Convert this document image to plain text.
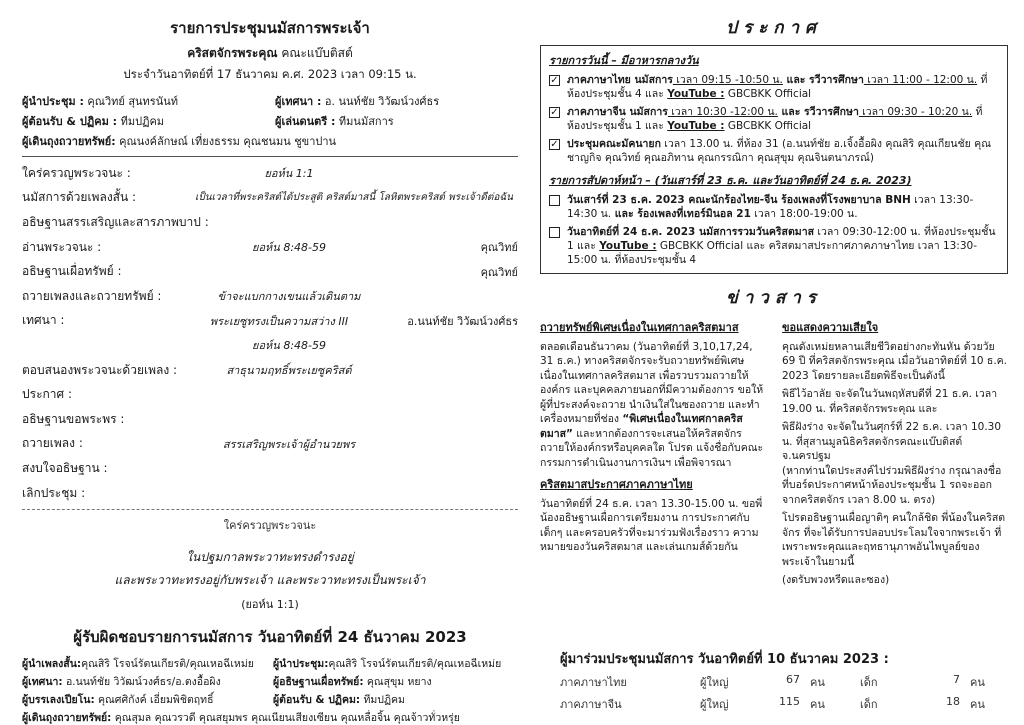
รายการประชุมนมัสการพระเจ้า
คริสตจักรพระคุณ คณะแบ๊บติสต์
ประจำวันอาทิตย์ที่ 17 ธันวาคม ค.ศ. 2023 เวลา 09:15 น.
ผู้นำประชุม : คุณวิทย์ สุนทรนันท์	ผู้เทศนา : อ. นนท์ชัย วิวัฒน์วงศ์ธร
ผู้ต้อนรับ & ปฏิคม : ทีมปฏิคม	ผู้เล่นดนตรี : ทีมนมัสการ
ผู้เดินถุงถวายทรัพย์: คุณนงค์ลักษณ์ เที่ยงธรรม คุณชนมน ชูขาปาน
ใคร่ครวญพระวจนะ :	ยอห์น 1:1
นมัสการด้วยเพลงสั้น :	เป็นเวลาที่พระคริสต์ได้ประสูติ คริสต์มาสนี้ โลหิตพระคริสต์ พระเจ้าดีต่อฉัน
อธิษฐานสรรเสริญและสารภาพบาป :
อ่านพระวจนะ :	ยอห์น 8:48-59	คุณวิทย์
อธิษฐานเผื่อทรัพย์ :	คุณวิทย์
ถวายเพลงและถวายทรัพย์ :	ข้าจะแบกกางเขนแล้วเดินตาม
เทศนา :	พระเยซูทรงเป็นความสว่าง III	อ.นนท์ชัย วิวัฒน์วงศ์ธร
ยอห์น 8:48-59
ตอบสนองพระวจนะด้วยเพลง :	สาธุนามฤทธิ์พระเยซูคริสต์
ประกาศ :
อธิษฐานขอพระพร :
ถวายเพลง :	สรรเสริญพระเจ้าผู้อำนวยพร
สงบใจอธิษฐาน :
เลิกประชุม :
ใคร่ครวญพระวจนะ
ในปฐมกาลพระวาทะทรงดำรงอยู่
และพระวาทะทรงอยู่กับพระเจ้า และพระวาทะทรงเป็นพระเจ้า
(ยอห์น 1:1)
ผู้รับผิดชอบรายการนมัสการ วันอาทิตย์ที่ 24 ธันวาคม 2023
ผู้นำเพลงสั้น:คุณสิริ โรจน์รัตนเกียรติ/คุณเหอฉีเหม่ย	ผู้นำประชุม:คุณสิริ โรจน์รัตนเกียรติ/คุณเหอฉีเหม่ย
ผู้เทศนา: อ.นนท์ชัย วิวัฒน์วงศ์ธร/อ.ตงอื้อผิง	ผู้อธิษฐานเผื่อทรัพย์: คุณสุขุม หยาง
ผู้บรรเลงเปียโน: คุณศศิกังค์ เอี่ยมพิชิตฤทธิ์	ผู้ต้อนรับ & ปฏิคม: ทีมปฏิคม
ผู้เดินถุงถวายทรัพย์: คุณสุมล คุณวรวดี คุณสยุมพร คุณเนียนเสียงเซียน คุณหลื่อจิ้น คุณจ้าวทั่วหรุ่ย
ประกาศ
รายการวันนี้ – มีอาหารกลางวัน
✓ ภาคภาษาไทย นมัสการ เวลา 09:15 -10:50 น. และ รวีวารศึกษา เวลา 11:00 - 12:00 น. ที่ห้องประชุมชั้น 4 และ YouTube : GBCBKK Official
✓ ภาคภาษาจีน นมัสการ เวลา 10:30 -12:00 น. และ รวีวารศึกษา เวลา 09:30 - 10:20 น. ที่ห้องประชุมชั้น 1 และ YouTube : GBCBKK Official
✓ ประชุมคณะมัคนายก เวลา 13.00 น. ที่ห้อง 31 (อ.นนท์ชัย อ.เจิ้งอื้อผิง คุณสิริ คุณเกียนชัย คุณชาญกิจ คุณวิทย์ คุณอภิทาน คุณกรรณิกา คุณสุขุม คุณจินตนาภรณ์)
รายการสัปดาห์หน้า – (วันเสาร์ที่ 23 ธ.ค. และวันอาทิตย์ที่ 24 ธ.ค. 2023)
วันเสาร์ที่ 23 ธ.ค. 2023 คณะนักร้องไทย-จีน ร้องเพลงที่โรงพยาบาล BNH เวลา 13:30-14:30 น. และ ร้องเพลงที่เทอร์มินอล 21 เวลา 18:00-19:00 น.
วันอาทิตย์ที่ 24 ธ.ค. 2023 นมัสการรวมวันคริสตมาส เวลา 09:30-12:00 น. ที่ห้องประชุมชั้น 1 และ YouTube : GBCBKK Official และ คริสตมาสประกาศภาคภาษาไทย เวลา 13:30-15:00 น. ที่ห้องประชุมชั้น 4
ข่าวสาร
ถวายทรัพย์พิเศษเนื่องในเทศกาลคริสตมาส
ตลอดเดือนธันวาคม (วันอาทิตย์ที่ 3,10,17,24, 31 ธ.ค.) ทางคริสตจักรจะรับถวายทรัพย์พิเศษเนื่องในเทศกาลคริสตมาส เพื่อรวบรวมถวายให้องค์กร และบุคคลภายนอกที่มีความต้องการ ขอให้ผู้ที่ประสงค์จะถวาย นำเงินใส่ในซองถวาย และทำเครื่องหมายที่ช่อง “พิเศษเนื่องในเทศกาลคริสตมาส” และหากต้องการจะเสนอให้คริสตจักรถวายให้องค์กรหรือบุคคลใด โปรด แจ้งชื่อกับคณะกรรมการดำเนินงานการเงินฯ เพื่อพิจารณา
คริสตมาสประกาศภาคภาษาไทย
วันอาทิตย์ที่ 24 ธ.ค. เวลา 13.30-15.00 น. ขอพี่น้องอธิษฐานเผื่อการเตรียมงาน การประกาศกับเด็กๆ และครอบครัวที่จะมาร่วมฟังเรื่องราว ความหมายของวันคริสตมาส และเล่นเกมส์ด้วยกัน
ขอแสดงความเสียใจ
คุณดังเหม่ยหลานเสียชีวิตอย่างกะทันหัน ด้วยวัย 69 ปี ที่คริสตจักรพระคุณ เมื่อวันอาทิตย์ที่ 10 ธ.ค. 2023 โดยรายละเอียดพิธีจะเป็นดังนี้
พิธีไว้อาลัย จะจัดในวันพฤหัสบดีที่ 21 ธ.ค. เวลา 19.00 น. ที่คริสตจักรพระคุณ และ
พิธีฝังร่าง จะจัดในวันศุกร์ที่ 22 ธ.ค. เวลา 10.30 น. ที่สุสานมูลนิธิคริสตจักรคณะแบ๊บติสต์ จ.นครปฐม
(หากท่านใดประสงค์ไปร่วมพิธีฝังร่าง กรุณาลงชื่อที่บอร์ดประกาศหน้าห้องประชุมชั้น 1 รถจะออกจากคริสตจักร เวลา 8.00 น. ตรง)
โปรดอธิษฐานเผื่อญาติๆ คนใกล้ชิด พี่น้องในคริสตจักร ที่จะได้รับการปลอบประโลมใจจากพระเจ้า ที่เพราะพระคุณและฤทธานุภาพอันไพบูลย์ของพระเจ้าในยามนี้
(งดรับพวงหรีดและซอง)
ผู้มาร่วมประชุมนมัสการ วันอาทิตย์ที่ 10 ธันวาคม 2023 :
ภาคภาษาไทย	ผู้ใหญ่	67 คน	เด็ก	7 คน
ภาคภาษาจีน	ผู้ใหญ่	115 คน	เด็ก	18 คน
